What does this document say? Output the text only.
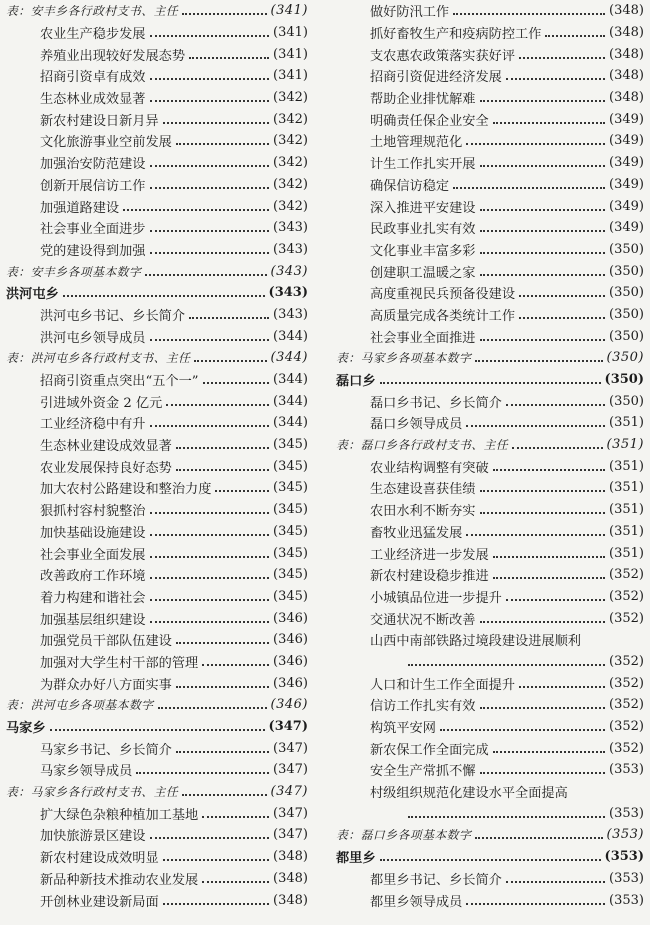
表：安丰乡各行政村支书、主任	(341)
农业生产稳步发展	(341)
养殖业出现较好发展态势	(341)
招商引资卓有成效	(341)
生态林业成效显著	(342)
新农村建设日新月异	(342)
文化旅游事业空前发展	(342)
加强治安防范建设	(342)
创新开展信访工作	(342)
加强道路建设	(342)
社会事业全面进步	(343)
党的建设得到加强	(343)
表：安丰乡各项基本数字	(343)
洪河屯乡	(343)
洪河屯乡书记、乡长简介	(343)
洪河屯乡领导成员	(344)
表：洪河屯乡各行政村支书、主任	(344)
招商引资重点突出“五个一”	(344)
引进域外资金 2 亿元	(344)
工业经济稳中有升	(344)
生态林业建设成效显著	(345)
农业发展保持良好态势	(345)
加大农村公路建设和整治力度	(345)
狠抓村容村貌整治	(345)
加快基础设施建设	(345)
社会事业全面发展	(345)
改善政府工作环境	(345)
着力构建和谐社会	(345)
加强基层组织建设	(346)
加强党员干部队伍建设	(346)
加强对大学生村干部的管理	(346)
为群众办好八方面实事	(346)
表：洪河屯乡各项基本数字	(346)
马家乡	(347)
马家乡书记、乡长简介	(347)
马家乡领导成员	(347)
表：马家乡各行政村支书、主任	(347)
扩大绿色杂粮种植加工基地	(347)
加快旅游景区建设	(347)
新农村建设成效明显	(348)
新品种新技术推动农业发展	(348)
开创林业建设新局面	(348)
做好防汛工作	(348)
抓好畜牧生产和疫病防控工作	(348)
支农惠农政策落实获好评	(348)
招商引资促进经济发展	(348)
帮助企业排忧解难	(348)
明确责任保企业安全	(349)
土地管理规范化	(349)
计生工作扎实开展	(349)
确保信访稳定	(349)
深入推进平安建设	(349)
民政事业扎实有效	(349)
文化事业丰富多彩	(350)
创建职工温暖之家	(350)
高度重视民兵预备役建设	(350)
高质量完成各类统计工作	(350)
社会事业全面推进	(350)
表：马家乡各项基本数字	(350)
磊口乡	(350)
磊口乡书记、乡长简介	(350)
磊口乡领导成员	(351)
表：磊口乡各行政村支书、主任	(351)
农业结构调整有突破	(351)
生态建设喜获佳绩	(351)
农田水利不断夯实	(351)
畜牧业迅猛发展	(351)
工业经济进一步发展	(351)
新农村建设稳步推进	(352)
小城镇品位进一步提升	(352)
交通状况不断改善	(352)
山西中南部铁路过境段建设进展顺利
(352)
人口和计生工作全面提升	(352)
信访工作扎实有效	(352)
构筑平安网	(352)
新农保工作全面完成	(352)
安全生产常抓不懈	(353)
村级组织规范化建设水平全面提高
(353)
表：磊口乡各项基本数字	(353)
都里乡	(353)
都里乡书记、乡长简介	(353)
都里乡领导成员	(353)
